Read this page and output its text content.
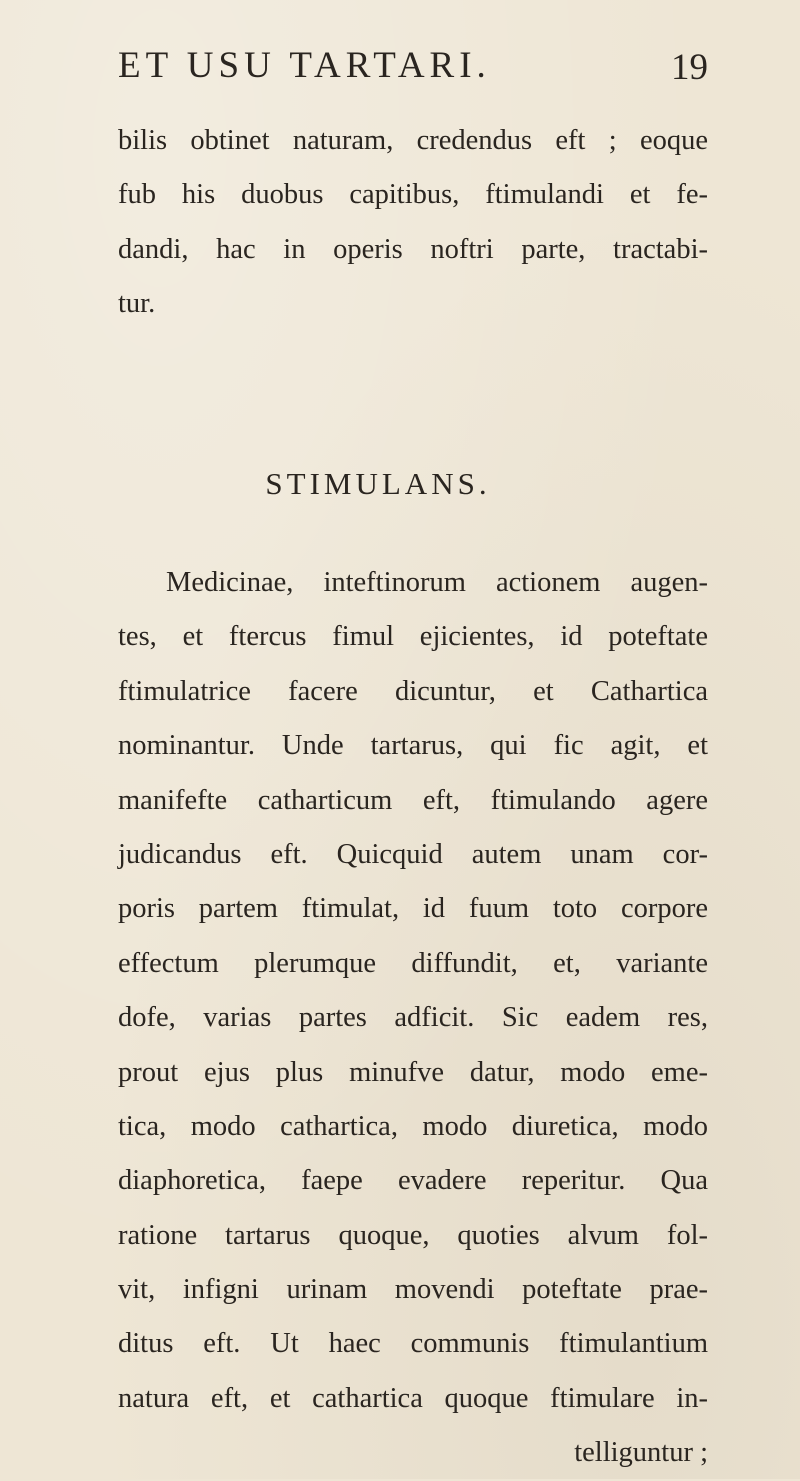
ET USU TARTARI.	19
bilis obtinet naturam, credendus eft ; eoque
fub his duobus capitibus, ftimulandi et fe-
dandi, hac in operis noftri parte, tractabi-
tur.
STIMULANS.
Medicinae, inteftinorum actionem augen-
tes, et ftercus fimul ejicientes, id poteftate
ftimulatrice facere dicuntur, et Cathartica
nominantur. Unde tartarus, qui fic agit, et
manifefte catharticum eft, ftimulando agere
judicandus eft. Quicquid autem unam cor-
poris partem ftimulat, id fuum toto corpore
effectum plerumque diffundit, et, variante
dofe, varias partes adficit. Sic eadem res,
prout ejus plus minufve datur, modo eme-
tica, modo cathartica, modo diuretica, modo
diaphoretica, faepe evadere reperitur. Qua
ratione tartarus quoque, quoties alvum fol-
vit, infigni urinam movendi poteftate prae-
ditus eft. Ut haec communis ftimulantium
natura eft, et cathartica quoque ftimulare in-
telliguntur ;
